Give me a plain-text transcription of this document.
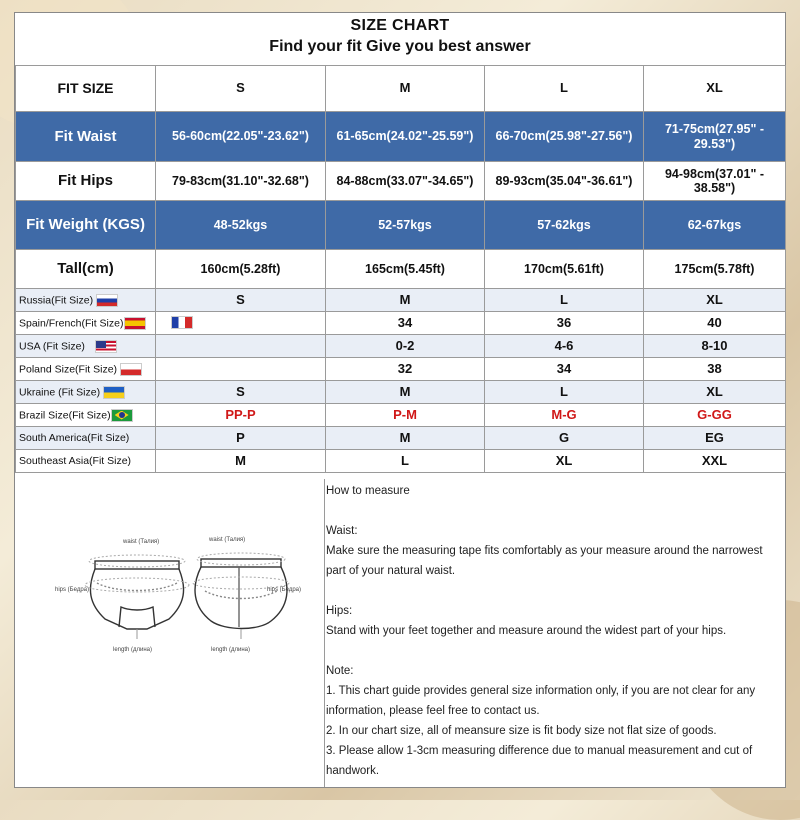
SIZE CHART
Find your fit Give you best answer
FIT SIZE	S	M	L	XL
Fit Waist	56-60cm(22.05"-23.62")	61-65cm(24.02"-25.59")	66-70cm(25.98"-27.56")	71-75cm(27.95" - 29.53")
Fit Hips	79-83cm(31.10"-32.68")	84-88cm(33.07"-34.65")	89-93cm(35.04"-36.61")	94-98cm(37.01" - 38.58")
Fit Weight (KGS)	48-52kgs	52-57kgs	57-62kgs	62-67kgs
Tall(cm)	160cm(5.28ft)	165cm(5.45ft)	170cm(5.61ft)	175cm(5.78ft)
Russia(Fit Size)	S	M	L	XL
Spain/French(Fit Size)		34	36	40
USA (Fit Size)		0-2	4-6	8-10
Poland Size(Fit Size)		32	34	38
Ukraine (Fit Size)	S	M	L	XL
Brazil Size(Fit Size)	PP-P	P-M	M-G	G-GG
South America(Fit Size)	P	M	G	EG
Southeast Asia(Fit Size)	M	L	XL	XXL
waist (Талия)
hips (Бедра)
length (длина)
waist (Талия)
hips (Бедра)
length (длина)

How to measure

Waist:

Make sure the measuring tape fits comfortably as your measure around the narrowest

part of your natural waist.

Hips:

Stand with your feet together and measure around the widest part of your hips.

Note:

1. This chart guide provides general size information only, if you are not clear for any

information, please feel free to contact us.

2. In our chart size, all of meansure size is fit body size not flat size of goods.

3. Please allow 1-3cm measuring difference due to manual measurement and cut of

handwork.
